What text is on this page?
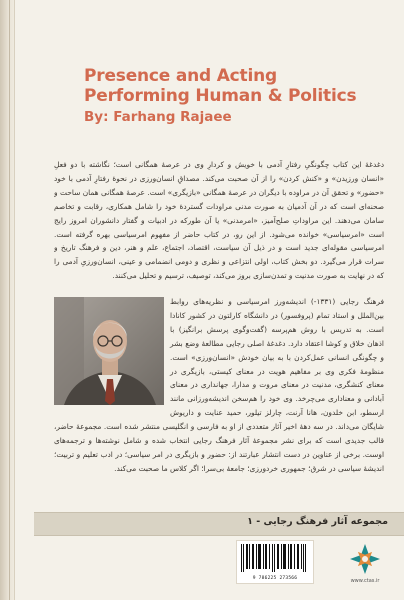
Presence and Acting
Performing Human & Politics
By: Farhang Rajaee
دغدغهٔ این کتاب چگونگیِ رفتارِ آدمی با خویش و کردارِ وی در عرصهٔ همگانی است؛ نگاشته با دو فعلِ «انسان ورزیدن» و «کنش کردن» را از آن صحبت می‌کند. مصداقِ انسان‌ورزی در نحوهٔ رفتارِ آدمی با خود «حضور» و تحقق آن در مراوده با دیگران در عرصهٔ همگانی «بازیگری» است. عرصهٔ همگانی همان ساحت و صحنه‌ای است که در آن آدمیان به صورت مدنی مراودات گستردهٔ خود را شامل همکاری، رقابت و تخاصم سامان می‌دهند. این مراوداتِ صلح‌آمیز، «امرمدنی» یا آن طورکه در ادبیات و گفتار دانشوران امروز رایج است «امرسیاسی» خوانده می‌شود. از این رو، در کتاب حاضر از مفهوم امرسیاسی بهره گرفته است. امرسیاسی مقوله‌ای جدید است و در ذیل آن سیاست، اقتصاد، اجتماع، علم و هنر، دین و فرهنگ تاریخ و سرات قرار می‌گیرد. دو بخش کتاب، اولی انتزاعی و نظری و دومی انضمامی و عینی، انسان‌ورزیِ آدمی را که در نهایت به صورت مدنیت و تمدن‌سازی بروز می‌کند، توصیف، ترسیم و تحلیل می‌کنند.
فرهنگ رجایی (۱۳۳۱-) اندیشه‌ورز امرسیاسی و نظریه‌های روابط بین‌الملل و استاد تمام (پروفسور) در دانشگاه کارلتون در کشور کانادا است. به تدریس با روش هم‌پرسه (گفت‌وگوی پرسش برانگیز) با اذهان خلاق و کوشا اعتقاد دارد. دغدغهٔ اصلی رجایی مطالعهٔ وضع بشر و چگونگی انسانی عمل‌کردن با به بیان خودش «انسان‌ورزی» است. منظومهٔ فکری وی بر مفاهیم هویت در معنای کیستی، بازیگری در معنای کنشگری، مدنیت در معنای مروت و مدارا، جهانداری در معنای آبادانی و معناداری می‌چرخد. وی خود را هم‌سخن اندیشه‌ورزانی مانند ارسطو، ابن خلدون، هانا آرنت، چارلز تیلور، حمید عنایت و داریوش شایگان می‌داند. در سه دههٔ اخیر آثار متعددی از او به فارسی و انگلیسی منتشر شده است. مجموعهٔ حاضر، قالب جدیدی است که برای نشر مجموعهٔ آثار فرهنگ رجایی انتخاب شده و شامل نوشته‌ها و ترجمه‌های اوست. برخی از عناوین در دست انتشار عبارتند از: حضور و بازیگری در امر سیاسی؛ در ادب تعلیم و تربیت؛ اندیشهٔ سیاسی در شرق؛ جمهوری خردورزی؛ جامعهٔ بی‌سرا؛ اگر کلاس ما صحبت می‌کند.
مجموعه آثار فرهنگ رجایی - ۱
9 786225 273566	www.ctas.ir
